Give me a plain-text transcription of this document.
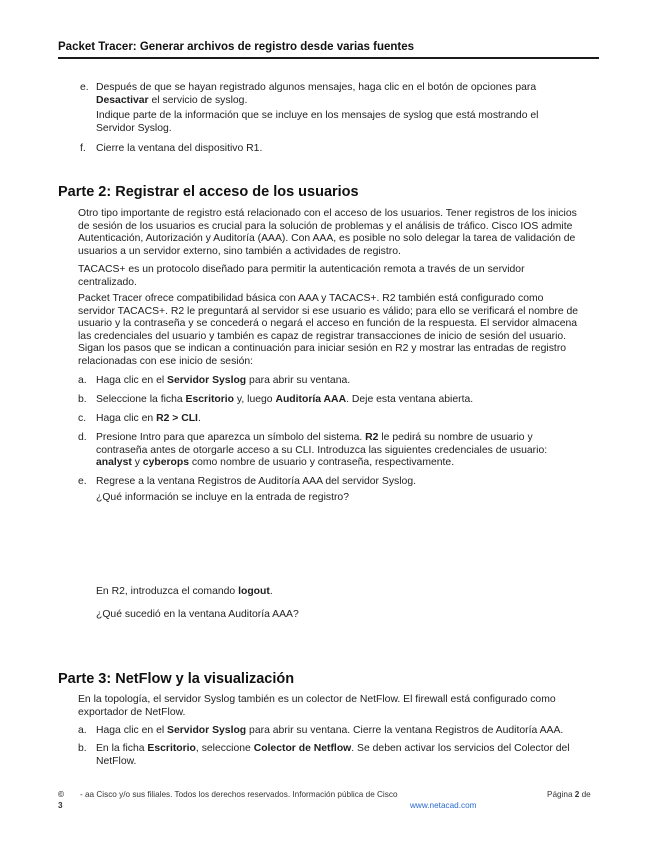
Packet Tracer: Generar archivos de registro desde varias fuentes
e. Después de que se hayan registrado algunos mensajes, haga clic en el botón de opciones para
Desactivar el servicio de syslog.
Indique parte de la información que se incluye en los mensajes de syslog que está mostrando el
Servidor Syslog.
f. Cierre la ventana del dispositivo R1.
Parte 2: Registrar el acceso de los usuarios
Otro tipo importante de registro está relacionado con el acceso de los usuarios. Tener registros de los inicios
de sesión de los usuarios es crucial para la solución de problemas y el análisis de tráfico. Cisco IOS admite
Autenticación, Autorización y Auditoría (AAA). Con AAA, es posible no solo delegar la tarea de validación de
usuarios a un servidor externo, sino también a actividades de registro.
TACACS+ es un protocolo diseñado para permitir la autenticación remota a través de un servidor
centralizado.
Packet Tracer ofrece compatibilidad básica con AAA y TACACS+. R2 también está configurado como
servidor TACACS+. R2 le preguntará al servidor si ese usuario es válido; para ello se verificará el nombre de
usuario y la contraseña y se concederá o negará el acceso en función de la respuesta. El servidor almacena
las credenciales del usuario y también es capaz de registrar transacciones de inicio de sesión del usuario.
Sigan los pasos que se indican a continuación para iniciar sesión en R2 y mostrar las entradas de registro
relacionadas con ese inicio de sesión:
a. Haga clic en el Servidor Syslog para abrir su ventana.
b. Seleccione la ficha Escritorio y, luego Auditoría AAA. Deje esta ventana abierta.
c. Haga clic en R2 > CLI.
d. Presione Intro para que aparezca un símbolo del sistema. R2 le pedirá su nombre de usuario y
contraseña antes de otorgarle acceso a su CLI. Introduzca las siguientes credenciales de usuario:
analyst y cyberops como nombre de usuario y contraseña, respectivamente.
e. Regrese a la ventana Registros de Auditoría AAA del servidor Syslog.
¿Qué información se incluye en la entrada de registro?
En R2, introduzca el comando logout.
¿Qué sucedió en la ventana Auditoría AAA?
Parte 3: NetFlow y la visualización
En la topología, el servidor Syslog también es un colector de NetFlow. El firewall está configurado como
exportador de NetFlow.
a. Haga clic en el Servidor Syslog para abrir su ventana. Cierre la ventana Registros de Auditoría AAA.
b. En la ficha Escritorio, seleccione Colector de Netflow. Se deben activar los servicios del Colector del
NetFlow.
© - aa Cisco y/o sus filiales. Todos los derechos reservados. Información pública de Cisco	Página 2 de
3	www.netacad.com
